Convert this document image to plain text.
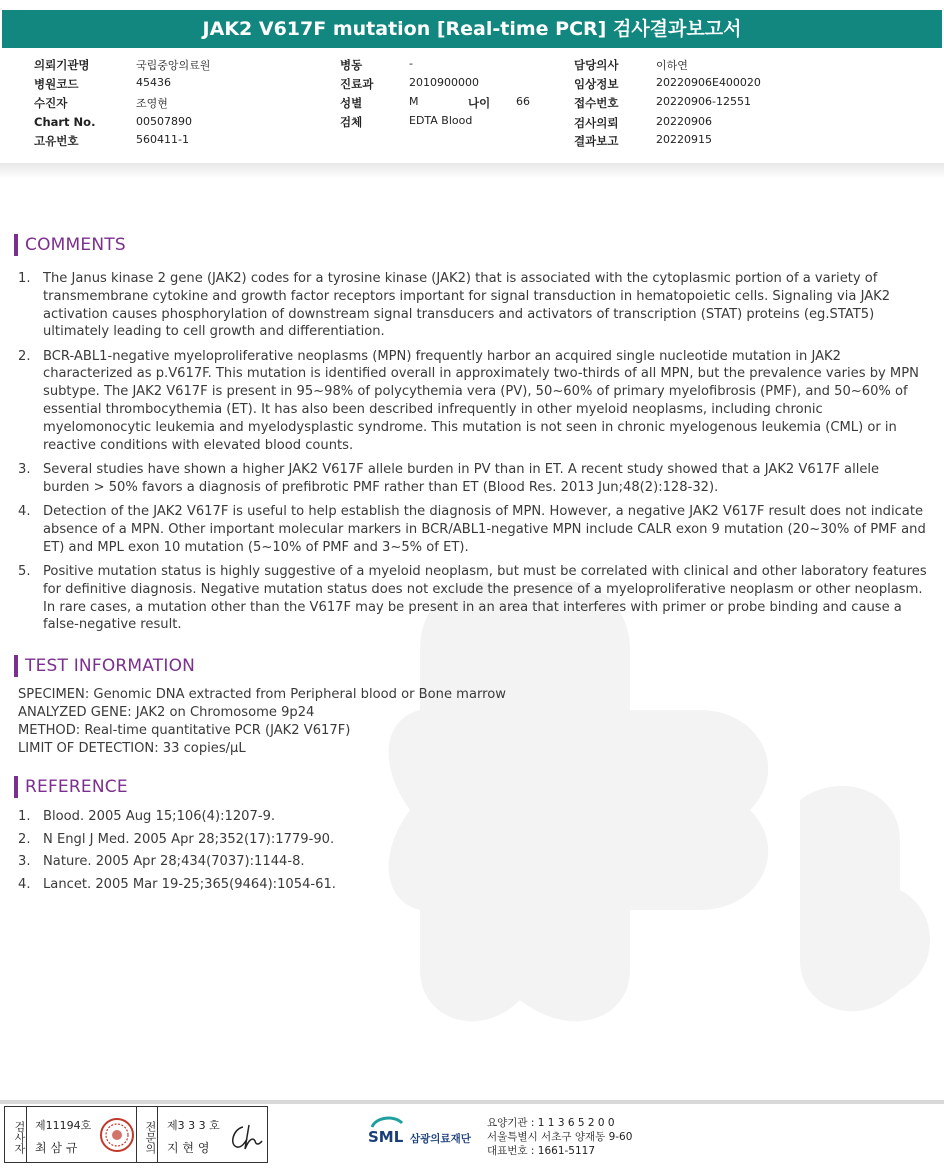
JAK2 V617F mutation [Real-time PCR] 검사결과보고서
의뢰기관명	국립중앙의료원
병원코드	45436
수진자	조영현
Chart No.	00507890
고유번호	560411-1
병동	-
진료과	2010900000
성별	M	나이 66
검체	EDTA Blood
담당의사	이하연
임상정보	20220906E400020
접수번호	20220906-12551
검사의뢰	20220906
결과보고	20220915
COMMENTS
1. The Janus kinase 2 gene (JAK2) codes for a tyrosine kinase (JAK2) that is associated with the cytoplasmic portion of a variety of transmembrane cytokine and growth factor receptors important for signal transduction in hematopoietic cells. Signaling via JAK2 activation causes phosphorylation of downstream signal transducers and activators of transcription (STAT) proteins (eg.STAT5) ultimately leading to cell growth and differentiation.
2. BCR-ABL1-negative myeloproliferative neoplasms (MPN) frequently harbor an acquired single nucleotide mutation in JAK2 characterized as p.V617F. This mutation is identified overall in approximately two-thirds of all MPN, but the prevalence varies by MPN subtype. The JAK2 V617F is present in 95~98% of polycythemia vera (PV), 50~60% of primary myelofibrosis (PMF), and 50~60% of essential thrombocythemia (ET). It has also been described infrequently in other myeloid neoplasms, including chronic myelomonocytic leukemia and myelodysplastic syndrome. This mutation is not seen in chronic myelogenous leukemia (CML) or in reactive conditions with elevated blood counts.
3. Several studies have shown a higher JAK2 V617F allele burden in PV than in ET. A recent study showed that a JAK2 V617F allele burden > 50% favors a diagnosis of prefibrotic PMF rather than ET (Blood Res. 2013 Jun;48(2):128-32).
4. Detection of the JAK2 V617F is useful to help establish the diagnosis of MPN. However, a negative JAK2 V617F result does not indicate absence of a MPN. Other important molecular markers in BCR/ABL1-negative MPN include CALR exon 9 mutation (20~30% of PMF and ET) and MPL exon 10 mutation (5~10% of PMF and 3~5% of ET).
5. Positive mutation status is highly suggestive of a myeloid neoplasm, but must be correlated with clinical and other laboratory features for definitive diagnosis. Negative mutation status does not exclude the presence of a myeloproliferative neoplasm or other neoplasm. In rare cases, a mutation other than the V617F may be present in an area that interferes with primer or probe binding and cause a false-negative result.
TEST INFORMATION
SPECIMEN: Genomic DNA extracted from Peripheral blood or Bone marrow
ANALYZED GENE: JAK2 on Chromosome 9p24
METHOD: Real-time quantitative PCR (JAK2 V617F)
LIMIT OF DETECTION: 33 copies/μL
REFERENCE
1. Blood. 2005 Aug 15;106(4):1207-9.
2. N Engl J Med. 2005 Apr 28;352(17):1779-90.
3. Nature. 2005 Apr 28;434(7037):1144-8.
4. Lancet. 2005 Mar 19-25;365(9464):1054-61.
검사자 제11194호
최 삼 규	전문의 제3 3 3 호
지 현 영
SML 삼광의료재단
요양기관 : 1 1 3 6 5 2 0 0
서울특별시 서초구 양재동 9-60
대표번호 : 1661-5117
